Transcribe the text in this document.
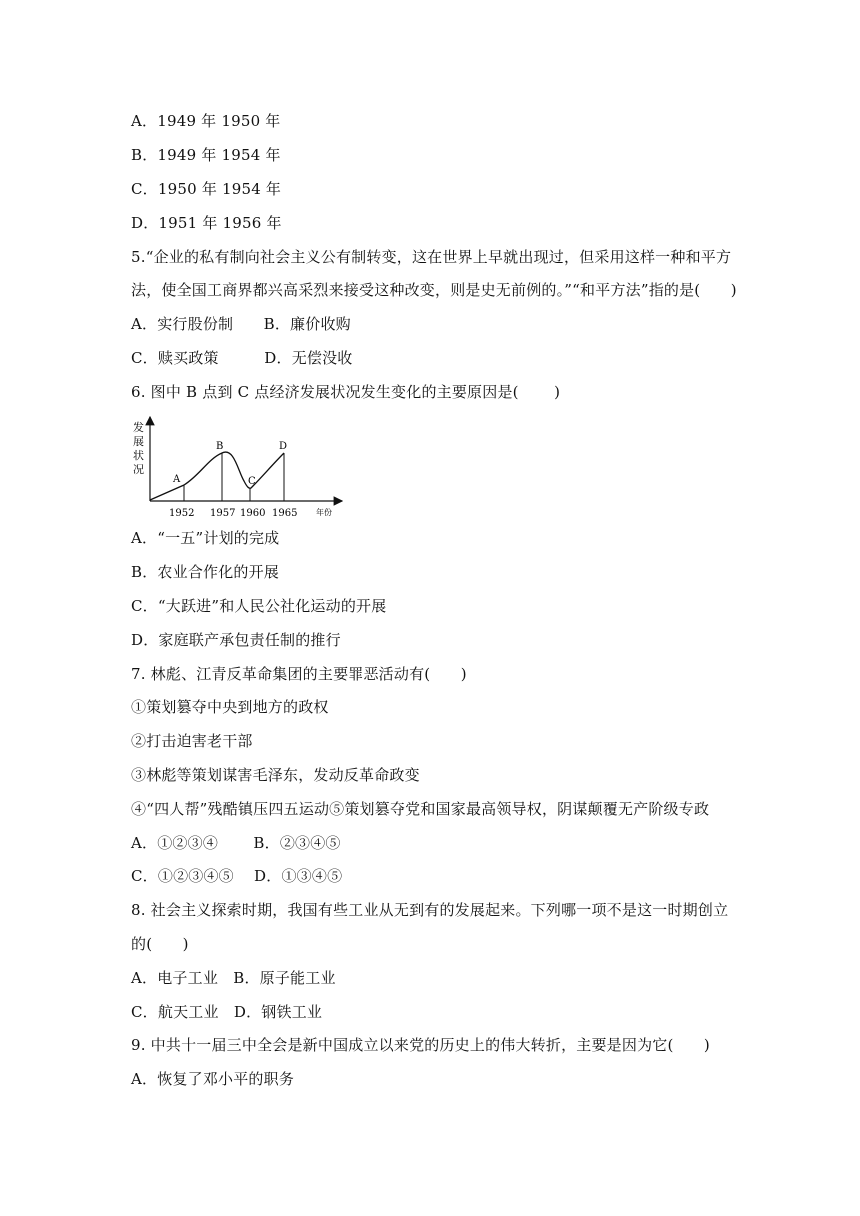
A．1949 年 1950 年
B．1949 年 1954 年
C．1950 年 1954 年
D．1951 年 1956 年
5.“企业的私有制向社会主义公有制转变，这在世界上早就出现过，但采用这样一种和平方
法，使全国工商界都兴高采烈来接受这种改变，则是史无前例的。”“和平方法”指的是(　　)
A．实行股份制　　B．廉价收购
C．赎买政策　　　D．无偿没收
6. 图中 B 点到 C 点经济发展状况发生变化的主要原因是(　　 )
发
展
状
况
A
B
C
D
1952 1957 1960 1965 年份
A．“一五”计划的完成
B．农业合作化的开展
C．“大跃进”和人民公社化运动的开展
D．家庭联产承包责任制的推行
7. 林彪、江青反革命集团的主要罪恶活动有(　　)
①策划篡夺中央到地方的政权
②打击迫害老干部
③林彪等策划谋害毛泽东，发动反革命政变
④“四人帮”残酷镇压四五运动⑤策划篡夺党和国家最高领导权，阴谋颠覆无产阶级专政
A．①②③④　　 B．②③④⑤
C．①②③④⑤　 D．①③④⑤
8. 社会主义探索时期，我国有些工业从无到有的发展起来。下列哪一项不是这一时期创立
的(　　)
A．电子工业　B．原子能工业
C．航天工业　D．钢铁工业
9. 中共十一届三中全会是新中国成立以来党的历史上的伟大转折，主要是因为它(　　)
A．恢复了邓小平的职务
